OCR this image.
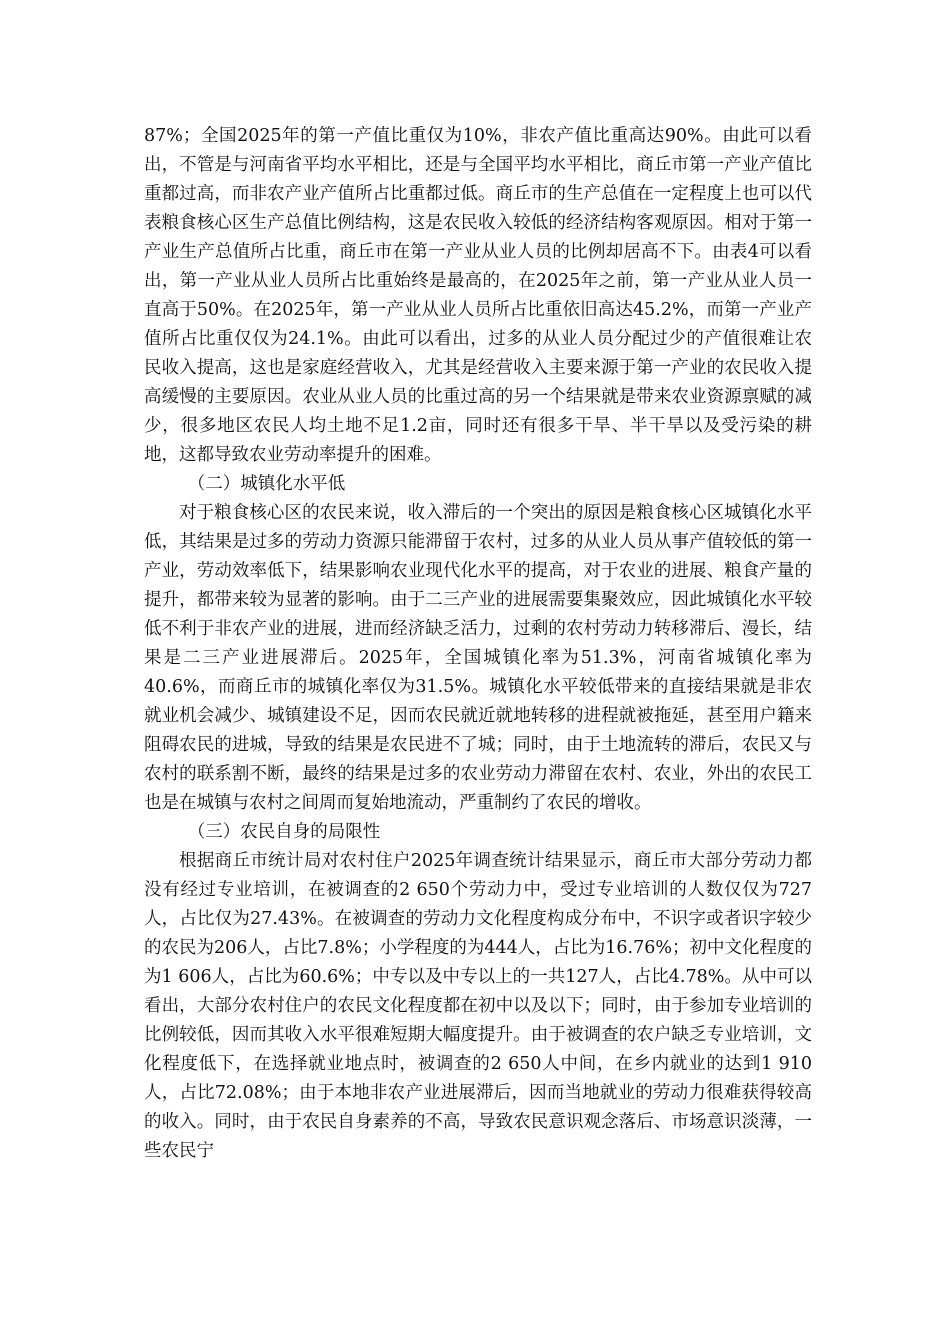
87%；全国2025年的第一产值比重仅为10%，非农产值比重高达90%。由此可以看出，不管是与河南省平均水平相比，还是与全国平均水平相比，商丘市第一产业产值比重都过高，而非农产业产值所占比重都过低。商丘市的生产总值在一定程度上也可以代表粮食核心区生产总值比例结构，这是农民收入较低的经济结构客观原因。相对于第一产业生产总值所占比重，商丘市在第一产业从业人员的比例却居高不下。由表4可以看出，第一产业从业人员所占比重始终是最高的，在2025年之前，第一产业从业人员一直高于50%。在2025年，第一产业从业人员所占比重依旧高达45.2%，而第一产业产值所占比重仅仅为24.1%。由此可以看出，过多的从业人员分配过少的产值很难让农民收入提高，这也是家庭经营收入，尤其是经营收入主要来源于第一产业的农民收入提高缓慢的主要原因。农业从业人员的比重过高的另一个结果就是带来农业资源禀赋的减少，很多地区农民人均土地不足1.2亩，同时还有很多干旱、半干旱以及受污染的耕地，这都导致农业劳动率提升的困难。

（二）城镇化水平低

对于粮食核心区的农民来说，收入滞后的一个突出的原因是粮食核心区城镇化水平低，其结果是过多的劳动力资源只能滞留于农村，过多的从业人员从事产值较低的第一产业，劳动效率低下，结果影响农业现代化水平的提高，对于农业的进展、粮食产量的提升，都带来较为显著的影响。由于二三产业的进展需要集聚效应，因此城镇化水平较低不利于非农产业的进展，进而经济缺乏活力，过剩的农村劳动力转移滞后、漫长，结果是二三产业进展滞后。2025年，全国城镇化率为51.3%，河南省城镇化率为40.6%，而商丘市的城镇化率仅为31.5%。城镇化水平较低带来的直接结果就是非农就业机会减少、城镇建设不足，因而农民就近就地转移的进程就被拖延，甚至用户籍来阻碍农民的进城，导致的结果是农民进不了城；同时，由于土地流转的滞后，农民又与农村的联系割不断，最终的结果是过多的农业劳动力滞留在农村、农业，外出的农民工也是在城镇与农村之间周而复始地流动，严重制约了农民的增收。

（三）农民自身的局限性

根据商丘市统计局对农村住户2025年调查统计结果显示，商丘市大部分劳动力都没有经过专业培训，在被调查的2 650个劳动力中，受过专业培训的人数仅仅为727人，占比仅为27.43%。在被调查的劳动力文化程度构成分布中，不识字或者识字较少的农民为206人，占比7.8%；小学程度的为444人，占比为16.76%；初中文化程度的为1 606人，占比为60.6%；中专以及中专以上的一共127人，占比4.78%。从中可以看出，大部分农村住户的农民文化程度都在初中以及以下；同时，由于参加专业培训的比例较低，因而其收入水平很难短期大幅度提升。由于被调查的农户缺乏专业培训，文化程度低下，在选择就业地点时，被调查的2 650人中间，在乡内就业的达到1 910人，占比72.08%；由于本地非农产业进展滞后，因而当地就业的劳动力很难获得较高的收入。同时，由于农民自身素养的不高，导致农民意识观念落后、市场意识淡薄，一些农民宁
